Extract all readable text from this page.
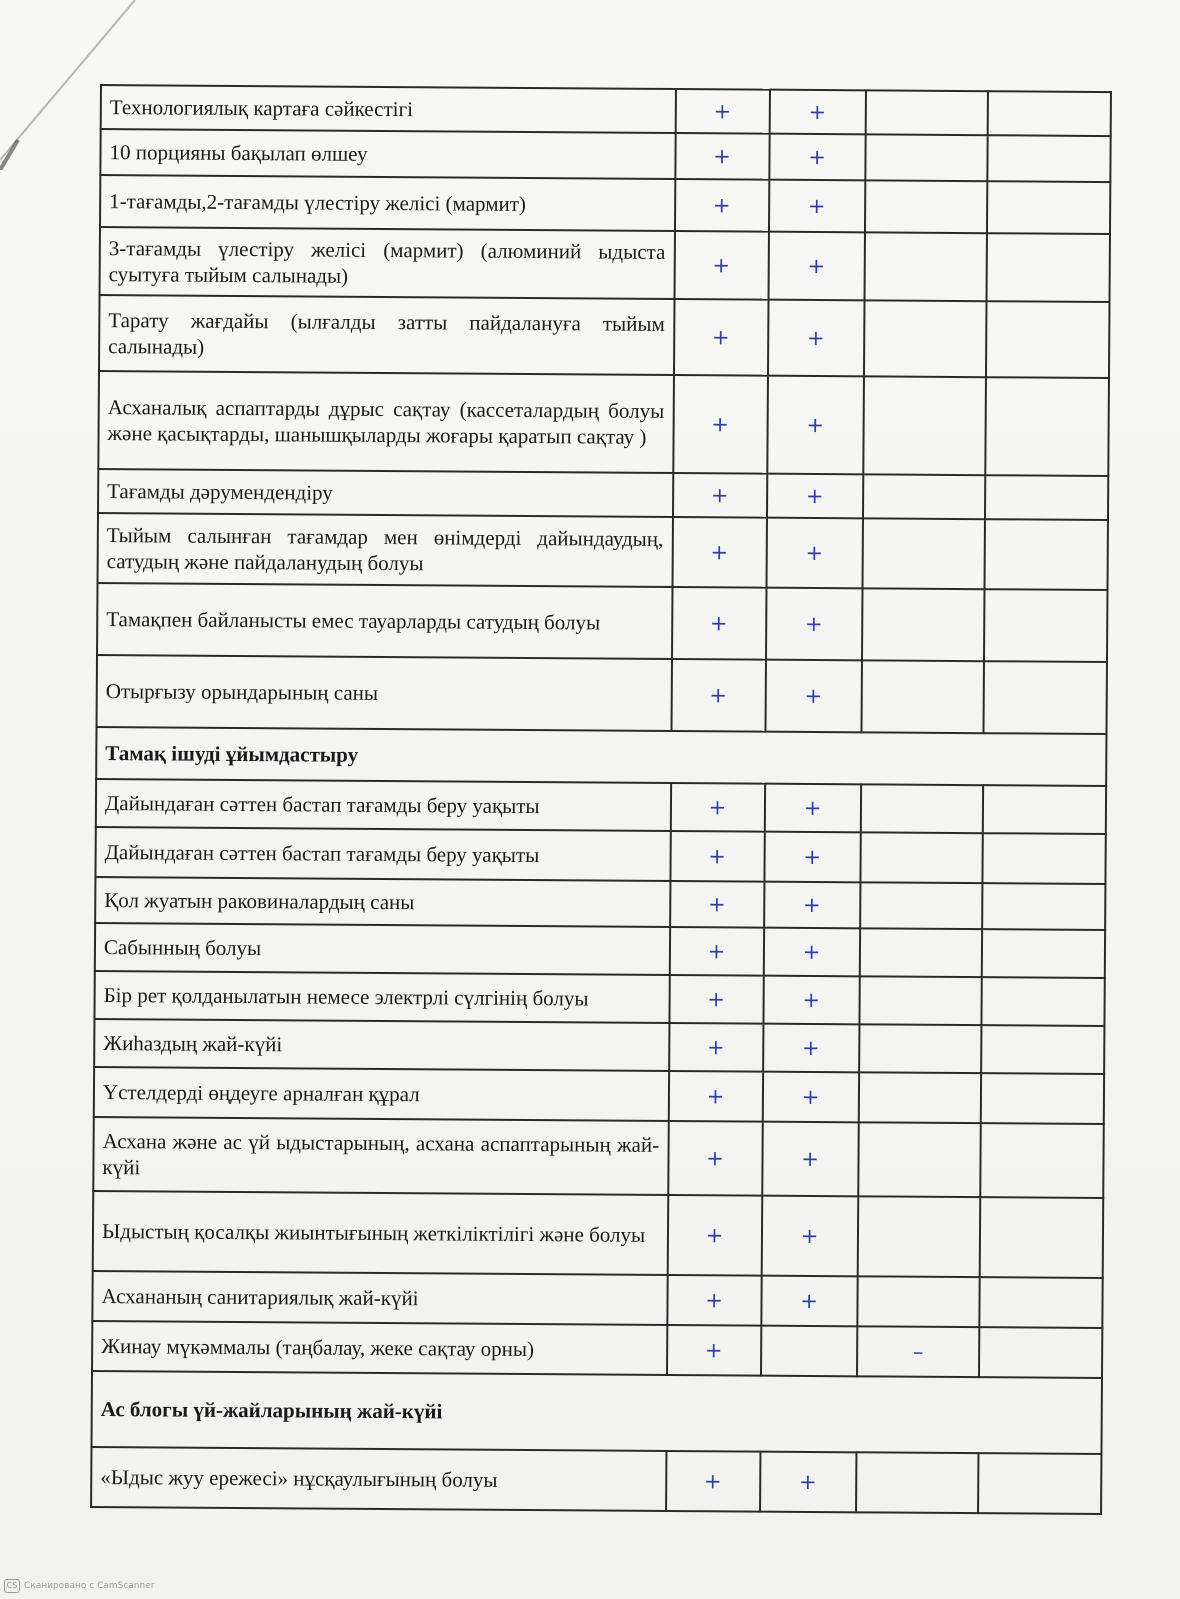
Технологиялық картаға сәйкестігі	+	+		
10 порцияны бақылап өлшеу	+	+		
1-тағамды,2-тағамды үлестіру желісі (мармит)	+	+		
3-тағамды үлестіру желісі (мармит) (алюминий ыдыста суытуға тыйым салынады)	+	+		
Тарату жағдайы (ылғалды затты пайдалануға тыйым салынады)	+	+		
Асханалық аспаптарды дұрыс сақтау (кассеталардың болуы және қасықтарды, шанышқыларды жоғары қаратып сақтау )	+	+		
Тағамды дәрумендендіру	+	+		
Тыйым салынған тағамдар мен өнімдерді дайындаудың, сатудың және пайдаланудың болуы	+	+		
Тамақпен байланысты емес тауарларды сатудың болуы	+	+		
Отырғызу орындарының саны	+	+		
Тамақ ішуді ұйымдастыру				
Дайындаған сәттен бастап тағамды беру уақыты	+	+		
Дайындаған сәттен бастап тағамды беру уақыты	+	+		
Қол жуатын раковиналардың саны	+	+		
Сабынның болуы	+	+		
Бір рет қолданылатын немесе электрлі сүлгінің болуы	+	+		
Жиһаздың жай-күйі	+	+		
Үстелдерді өңдеуге арналған құрал	+	+		
Асхана және ас үй ыдыстарының, асхана аспаптарының жай-күйі	+	+		
Ыдыстың қосалқы жиынтығының жеткіліктілігі және болуы	+	+		
Асхананың санитариялық жай-күйі	+	+		
Жинау мүкәммалы (таңбалау, жеке сақтау орны)	+		–	
Ас блогы үй-жайларының жай-күйі				
«Ыдыс жуу ережесі» нұсқаулығының болуы	+	+		
CS Сканировано с CamScanner
